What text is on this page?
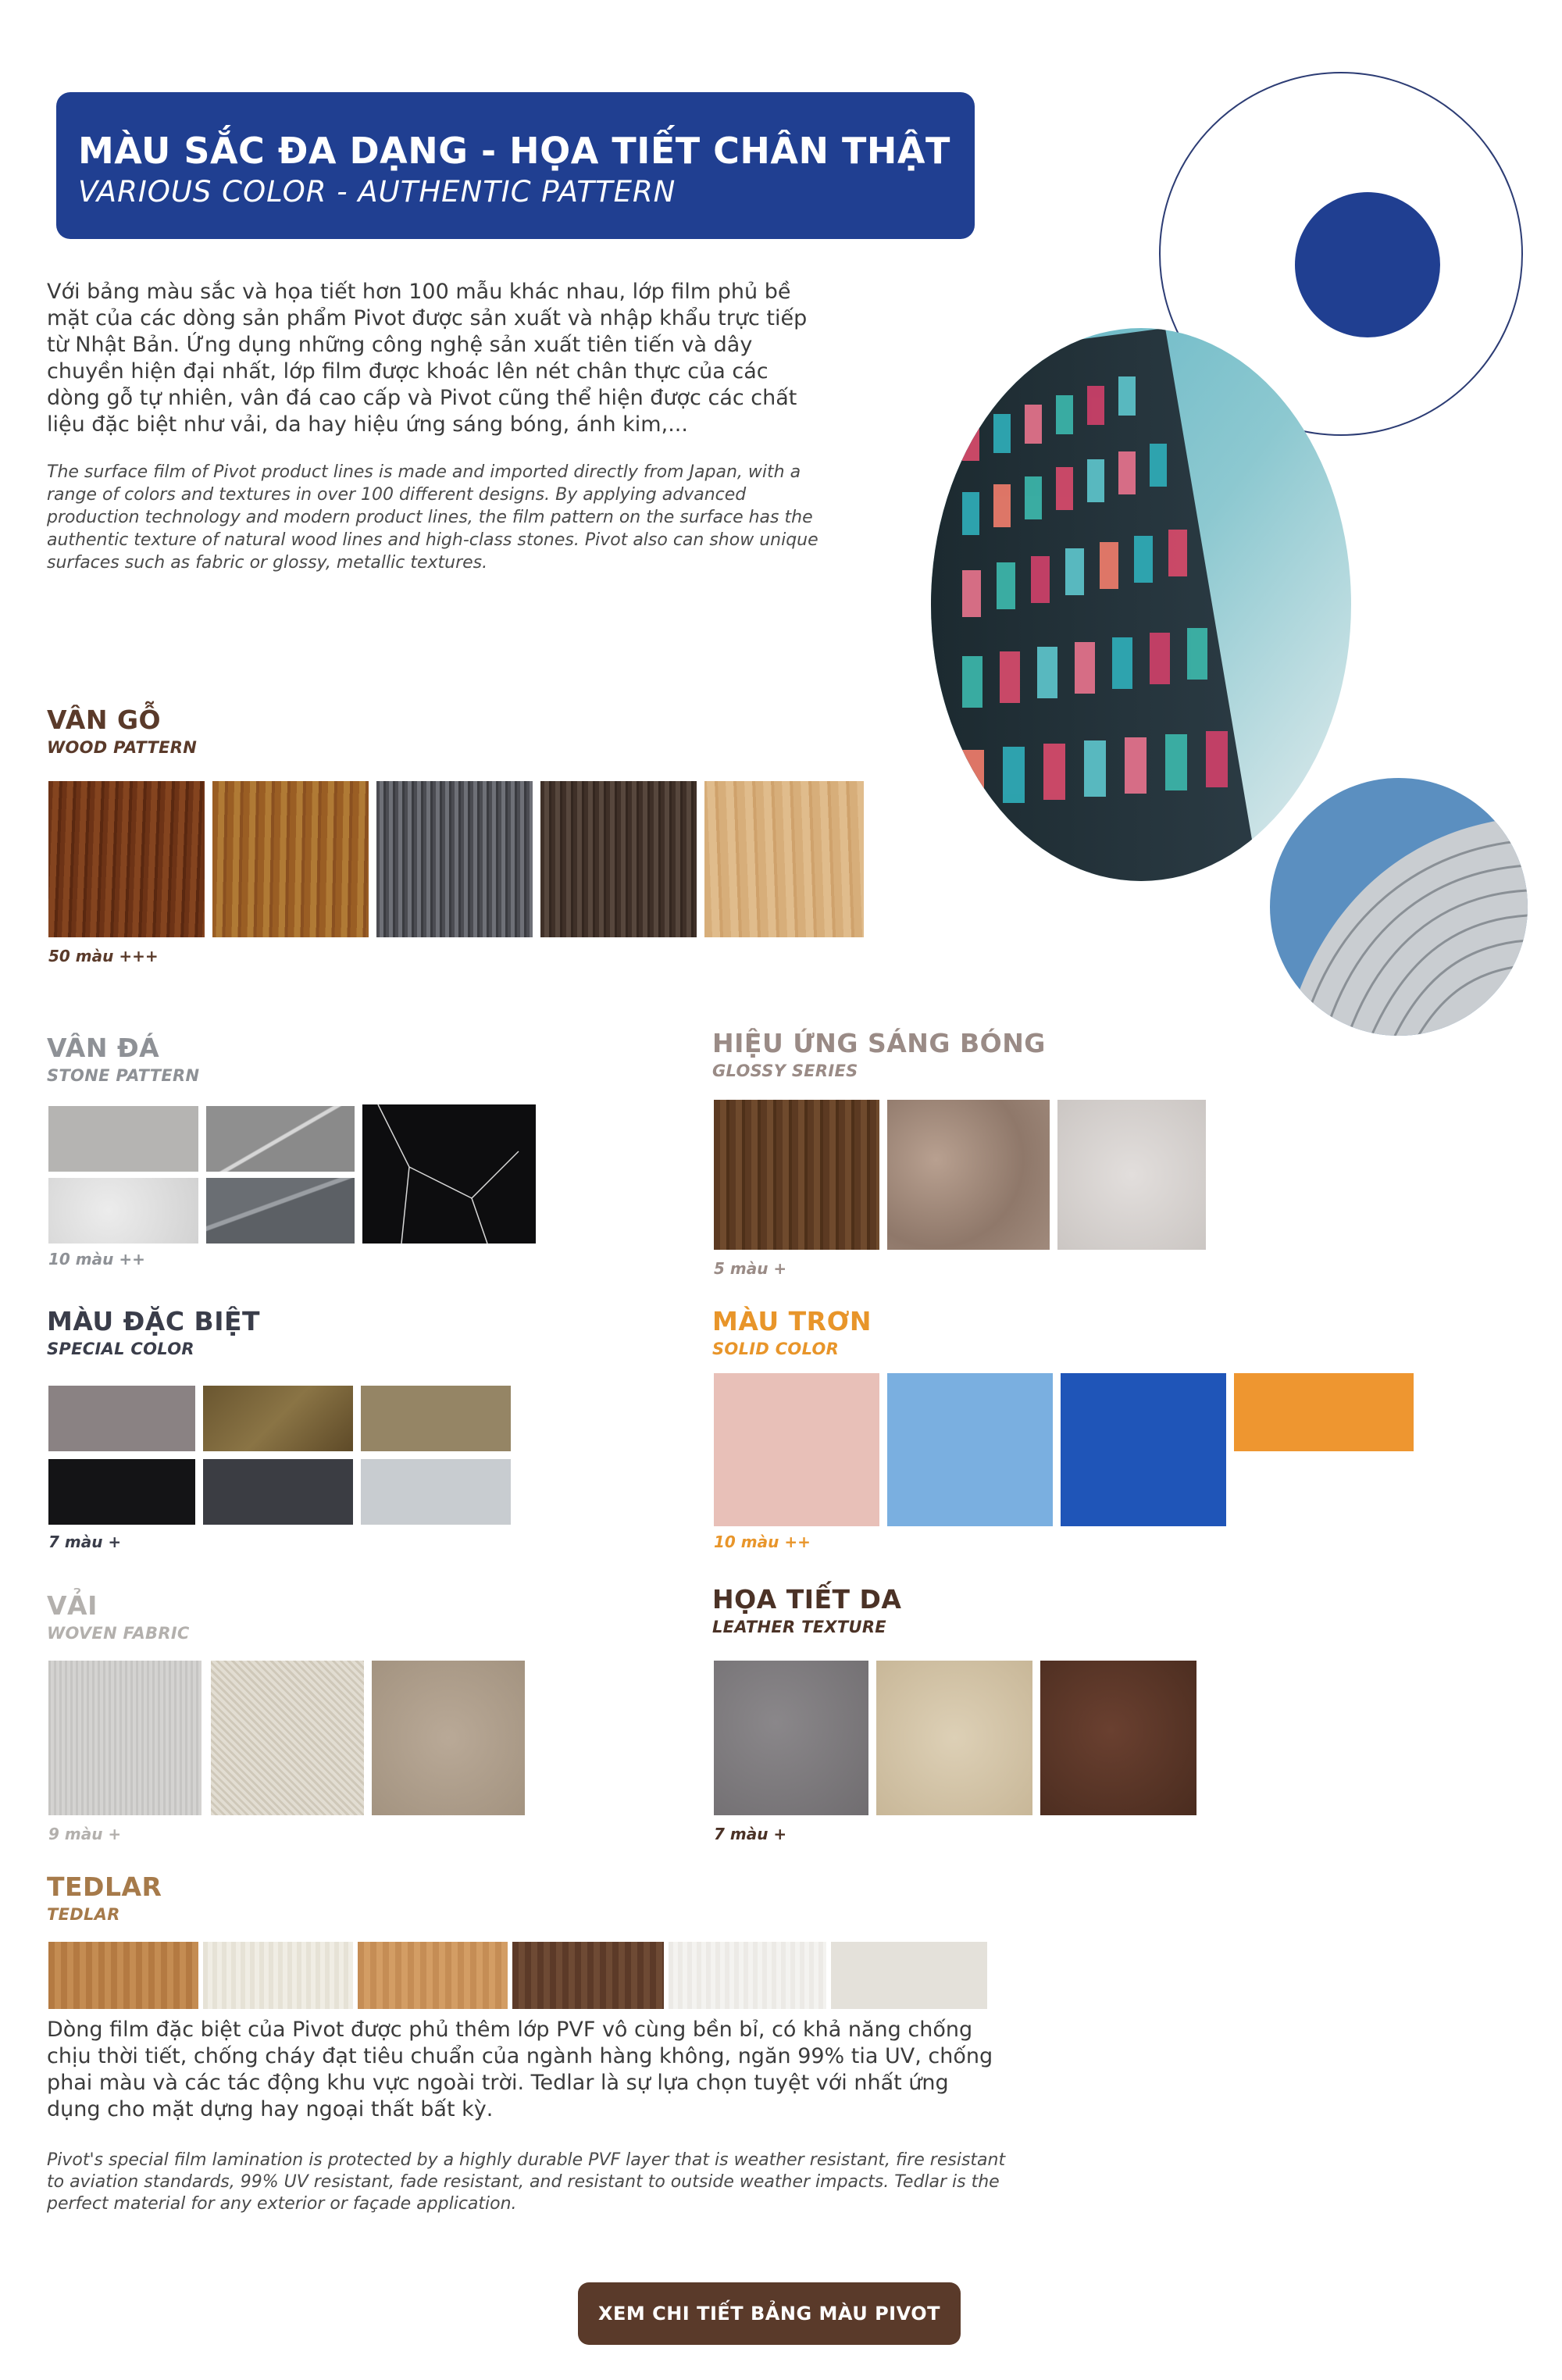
MÀU SẮC ĐA DẠNG - HỌA TIẾT CHÂN THẬT
VARIOUS COLOR - AUTHENTIC PATTERN
Với bảng màu sắc và họa tiết hơn 100 mẫu khác nhau, lớp film phủ bề mặt của các dòng sản phẩm Pivot được sản xuất và nhập khẩu trực tiếp từ Nhật Bản. Ứng dụng những công nghệ sản xuất tiên tiến và dây chuyền hiện đại nhất, lớp film được khoác lên nét chân thực của các dòng gỗ tự nhiên, vân đá cao cấp và Pivot cũng thể hiện được các chất liệu đặc biệt như vải, da hay hiệu ứng sáng bóng, ánh kim,...
The surface film of Pivot product lines is made and imported directly from Japan, with a range of colors and textures in over 100 different designs. By applying advanced production technology and modern product lines, the film pattern on the surface has the authentic texture of natural wood lines and high-class stones. Pivot also can show unique surfaces such as fabric or glossy, metallic textures.

VÂN GỖ

WOOD PATTERN

50 màu +++

VÂN ĐÁ

STONE PATTERN

10 màu ++

HIỆU ỨNG SÁNG BÓNG

GLOSSY SERIES

5 màu +

MÀU ĐẶC BIỆT

SPECIAL COLOR

7 màu +

MÀU TRƠN

SOLID COLOR

10 màu ++

VẢI

WOVEN FABRIC

9 màu +

HỌA TIẾT DA

LEATHER TEXTURE

7 màu +

TEDLAR

TEDLAR

Dòng film đặc biệt của Pivot được phủ thêm lớp PVF vô cùng bền bỉ, có khả năng chống chịu thời tiết, chống cháy đạt tiêu chuẩn của ngành hàng không, ngăn 99% tia UV, chống phai màu và các tác động khu vực ngoài trời. Tedlar là sự lựa chọn tuyệt với nhất ứng dụng cho mặt dựng hay ngoại thất bất kỳ.
Pivot's special film lamination is protected by a highly durable PVF layer that is weather resistant, fire resistant to aviation standards, 99% UV resistant, fade resistant, and resistant to outside weather impacts. Tedlar is the perfect material for any exterior or façade application.
XEM CHI TIẾT BẢNG MÀU PIVOT
